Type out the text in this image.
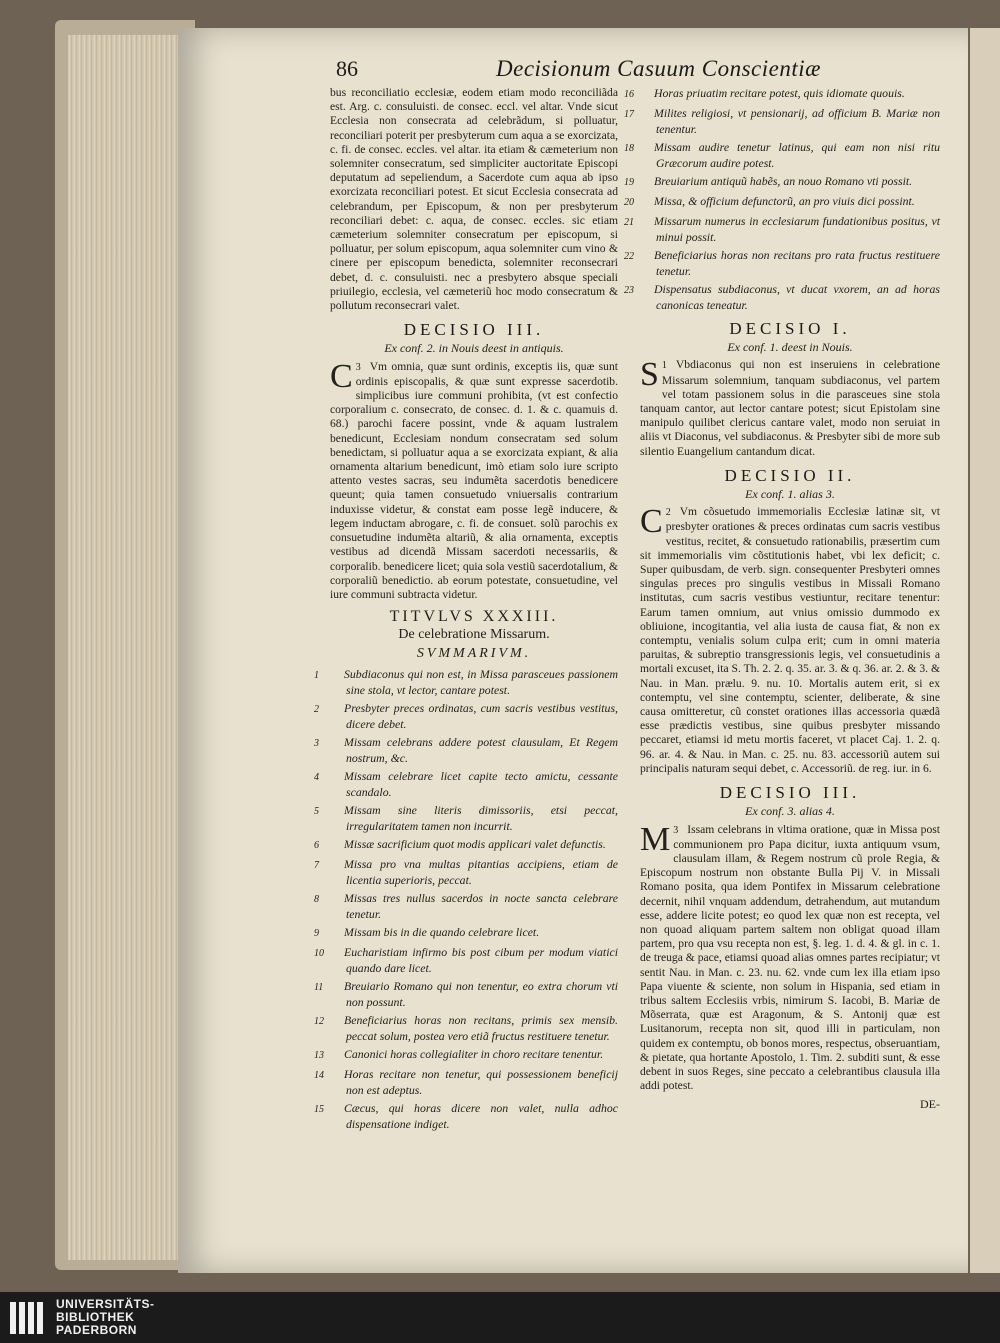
86	Decisionum Casuum Conscientiæ

bus reconciliatio ecclesiæ, eodem etiam modo reconciliãda est. Arg. c. consuluisti. de consec. eccl. vel altar. Vnde sicut Ecclesia non consecrata ad celebrãdum, si polluatur, reconciliari poterit per presbyterum cum aqua a se exorcizata, c. fi. de consec. eccles. vel altar. ita etiam & cæmeterium non solemniter consecratum, sed simpliciter auctoritate Episcopi deputatum ad sepeliendum, a Sacerdote cum aqua ab ipso exorcizata reconciliari potest. Et sicut Ecclesia consecrata ad celebrandum, per Episcopum, & non per presbyterum reconciliari debet: c. aqua, de consec. eccles. sic etiam cæmeterium solemniter consecratum per episcopum, si polluatur, per solum episcopum, aqua solemniter cum vino & cinere per episcopum benedicta, solemniter reconsecrari debet, d. c. consuluisti. nec a presbytero absque speciali priuilegio, ecclesia, vel cæmeteriũ hoc modo consecratum & pollutum reconsecrari valet.

DECISIO III.
Ex conf. 2. in Nouis deest in antiquis.

3
C Vm omnia, quæ sunt ordinis, exceptis iis, quæ sunt ordinis episcopalis, & quæ sunt expresse sacerdotib. simplicibus iure communi prohibita, (vt est confectio corporalium c. consecrato, de consec. d. 1. & c. quamuis d. 68.) parochi facere possint, vnde & aquam lustralem benedicunt, Ecclesiam nondum consecratam sed solum benedictam, si polluatur aqua a se exorcizata expiant, & alia ornamenta altarium benedicunt, imò etiam solo iure scripto attento vestes sacras, seu indumẽta sacerdotis benedicere queunt; quia tamen consuetudo vniuersalis contrarium induxisse videtur, & constat eam posse legẽ inducere, & legem inductam abrogare, c. fi. de consuet. solũ parochis ex consuetudine indumẽta altariũ, & alia ornamenta, exceptis vestibus ad dicendã Missam sacerdoti necessariis, & corporalib. benedicere licet; quia sola vestiũ sacerdotalium, & corporaliũ benedictio. ab eorum potestate, consuetudine, vel iure communi subtracta videtur.

TITVLVS XXXIII.
De celebratione Missarum.
SVMMARIVM.
1 Subdiaconus qui non est, in Missa parasceues passionem sine stola, vt lector, cantare potest.
2 Presbyter preces ordinatas, cum sacris vestibus vestitus, dicere debet.
3 Missam celebrans addere potest clausulam, Et Regem nostrum, &c.
4 Missam celebrare licet capite tecto amictu, cessante scandalo.
5 Missam sine literis dimissoriis, etsi peccat, irregularitatem tamen non incurrit.
6 Missæ sacrificium quot modis applicari valet defunctis.
7 Missa pro vna multas pitantias accipiens, etiam de licentia superioris, peccat.
8 Missas tres nullus sacerdos in nocte sancta celebrare tenetur.
9 Missam bis in die quando celebrare licet.
10 Eucharistiam infirmo bis post cibum per modum viatici quando dare licet.
11 Breuiario Romano qui non tenentur, eo extra chorum vti non possunt.
12 Beneficiarius horas non recitans, primis sex mensib. peccat solum, postea vero etiã fructus restituere tenetur.
13 Canonici horas collegialiter in choro recitare tenentur.
14 Horas recitare non tenetur, qui possessionem beneficij non est adeptus.
15 Cæcus, qui horas dicere non valet, nulla adhoc dispensatione indiget.
16 Horas priuatim recitare potest, quis idiomate quouis.
17 Milites religiosi, vt pensionarij, ad officium B. Mariæ non tenentur.
18 Missam audire tenetur latinus, qui eam non nisi ritu Græcorum audire potest.
19 Breuiarium antiquũ habẽs, an nouo Romano vti possit.
20 Missa, & officium defunctorũ, an pro viuis dici possint.
21 Missarum numerus in ecclesiarum fundationibus positus, vt minui possit.
22 Beneficiarius horas non recitans pro rata fructus restituere tenetur.
23 Dispensatus subdiaconus, vt ducat vxorem, an ad horas canonicas teneatur.
DECISIO I.
Ex conf. 1. deest in Nouis.

1
S Vbdiaconus qui non est inseruiens in celebratione Missarum solemnium, tanquam subdiaconus, vel partem vel totam passionem solus in die parasceues sine stola tanquam cantor, aut lector cantare potest; sicut Epistolam sine manipulo quilibet clericus cantare valet, modo non seruiat in aliis vt Diaconus, vel subdiaconus. & Presbyter sibi de more sub silentio Euangelium cantandum dicat.

DECISIO II.
Ex conf. 1. alias 3.

2
C Vm cõsuetudo immemorialis Ecclesiæ latinæ sit, vt presbyter orationes & preces ordinatas cum sacris vestibus vestitus, recitet, & consuetudo rationabilis, præsertim cum sit immemorialis vim cõstitutionis habet, vbi lex deficit; c. Super quibusdam, de verb. sign. consequenter Presbyteri omnes singulas preces pro singulis vestibus in Missali Romano institutas, cum sacris vestibus vestiuntur, recitare tenentur: Earum tamen omnium, aut vnius omissio dummodo ex obliuione, incogitantia, vel alia iusta de causa fiat, & non ex contemptu, venialis solum culpa erit; cum in omni materia paruitas, & subreptio transgressionis legis, vel consuetudinis a mortali excuset, ita S. Th. 2. 2. q. 35. ar. 3. & q. 36. ar. 2. & 3. & Nau. in Man. prælu. 9. nu. 10. Mortalis autem erit, si ex contemptu, vel sine contemptu, scienter, deliberate, & sine causa omitteretur, cũ constet orationes illas accessoria quædã esse prædictis vestibus, sine quibus presbyter missando peccaret, etiamsi id metu mortis faceret, vt placet Caj. 1. 2. q. 96. ar. 4. & Nau. in Man. c. 25. nu. 83. accessoriũ autem sui principalis naturam sequi debet, c. Accessoriũ. de reg. iur. in 6.

DECISIO III.
Ex conf. 3. alias 4.

3
M Issam celebrans in vltima oratione, quæ in Missa post communionem pro Papa dicitur, iuxta antiquum vsum, clausulam illam, & Regem nostrum cũ prole Regia, & Episcopum nostrum non obstante Bulla Pij V. in Missali Romano posita, qua idem Pontifex in Missarum celebratione decernit, nihil vnquam addendum, detrahendum, aut mutandum esse, addere licite potest; eo quod lex quæ non est recepta, vel non quoad aliquam partem saltem non obligat quoad illam partem, pro qua vsu recepta non est, §. leg. 1. d. 4. & gl. in c. 1. de treuga & pace, etiamsi quoad alias omnes partes recipiatur; vt sentit Nau. in Man. c. 23. nu. 62. vnde cum lex illa etiam ipso Papa viuente & sciente, non solum in Hispania, sed etiam in tribus saltem Ecclesiis vrbis, nimirum S. Iacobi, B. Mariæ de Mõserrata, quæ est Aragonum, & S. Antonij quæ est Lusitanorum, recepta non sit, quod illi in particulam, non quidem ex contemptu, ob bonos mores, respectus, obseruantiam, & pietate, qua hortante Apostolo, 1. Tim. 2. subditi sunt, & esse debent in suos Reges, sine peccato a celebrantibus clausula illa addi potest.

DE-
UNIVERSITÄTS-
BIBLIOTHEK
PADERBORN
